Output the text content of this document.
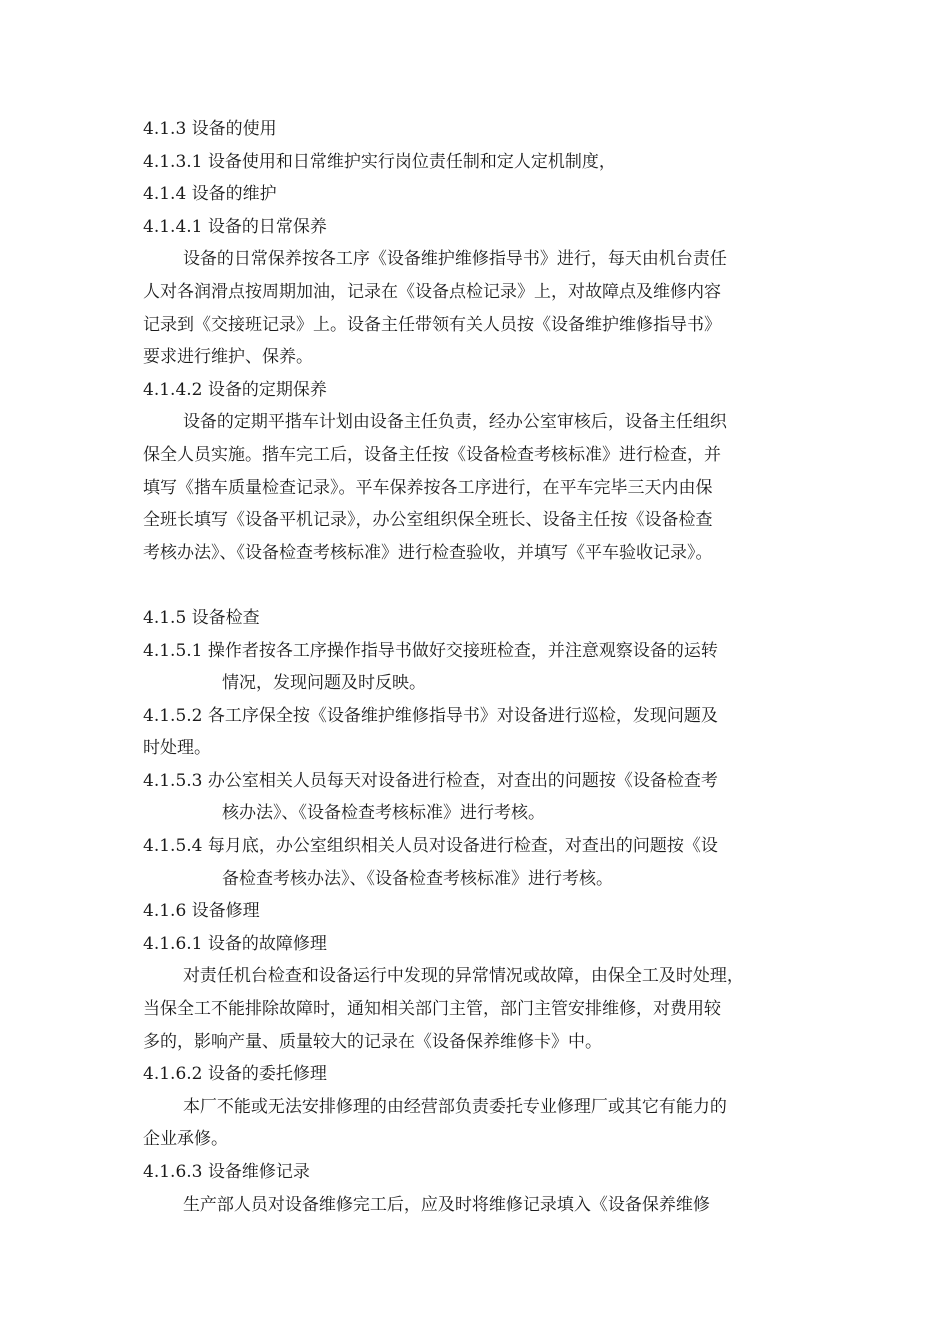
4.1.3 设备的使用
4.1.3.1 设备使用和日常维护实行岗位责任制和定人定机制度，
4.1.4 设备的维护
4.1.4.1 设备的日常保养
设备的日常保养按各工序《设备维护维修指导书》进行，每天由机台责任
人对各润滑点按周期加油，记录在《设备点检记录》上，对故障点及维修内容
记录到《交接班记录》上。设备主任带领有关人员按《设备维护维修指导书》
要求进行维护、保养。
4.1.4.2 设备的定期保养
设备的定期平揩车计划由设备主任负责，经办公室审核后，设备主任组织
保全人员实施。揩车完工后，设备主任按《设备检查考核标准》进行检查，并
填写《揩车质量检查记录》。平车保养按各工序进行，在平车完毕三天内由保
全班长填写《设备平机记录》，办公室组织保全班长、设备主任按《设备检查
考核办法》、《设备检查考核标准》进行检查验收，并填写《平车验收记录》。
4.1.5 设备检查
4.1.5.1 操作者按各工序操作指导书做好交接班检查，并注意观察设备的运转
情况，发现问题及时反映。
4.1.5.2 各工序保全按《设备维护维修指导书》对设备进行巡检，发现问题及
时处理。
4.1.5.3 办公室相关人员每天对设备进行检查，对查出的问题按《设备检查考
核办法》、《设备检查考核标准》进行考核。
4.1.5.4 每月底，办公室组织相关人员对设备进行检查，对查出的问题按《设
备检查考核办法》、《设备检查考核标准》进行考核。
4.1.6 设备修理
4.1.6.1 设备的故障修理
对责任机台检查和设备运行中发现的异常情况或故障，由保全工及时处理，
当保全工不能排除故障时，通知相关部门主管，部门主管安排维修，对费用较
多的，影响产量、质量较大的记录在《设备保养维修卡》中。
4.1.6.2 设备的委托修理
本厂不能或无法安排修理的由经营部负责委托专业修理厂或其它有能力的
企业承修。
4.1.6.3 设备维修记录
生产部人员对设备维修完工后，应及时将维修记录填入《设备保养维修
